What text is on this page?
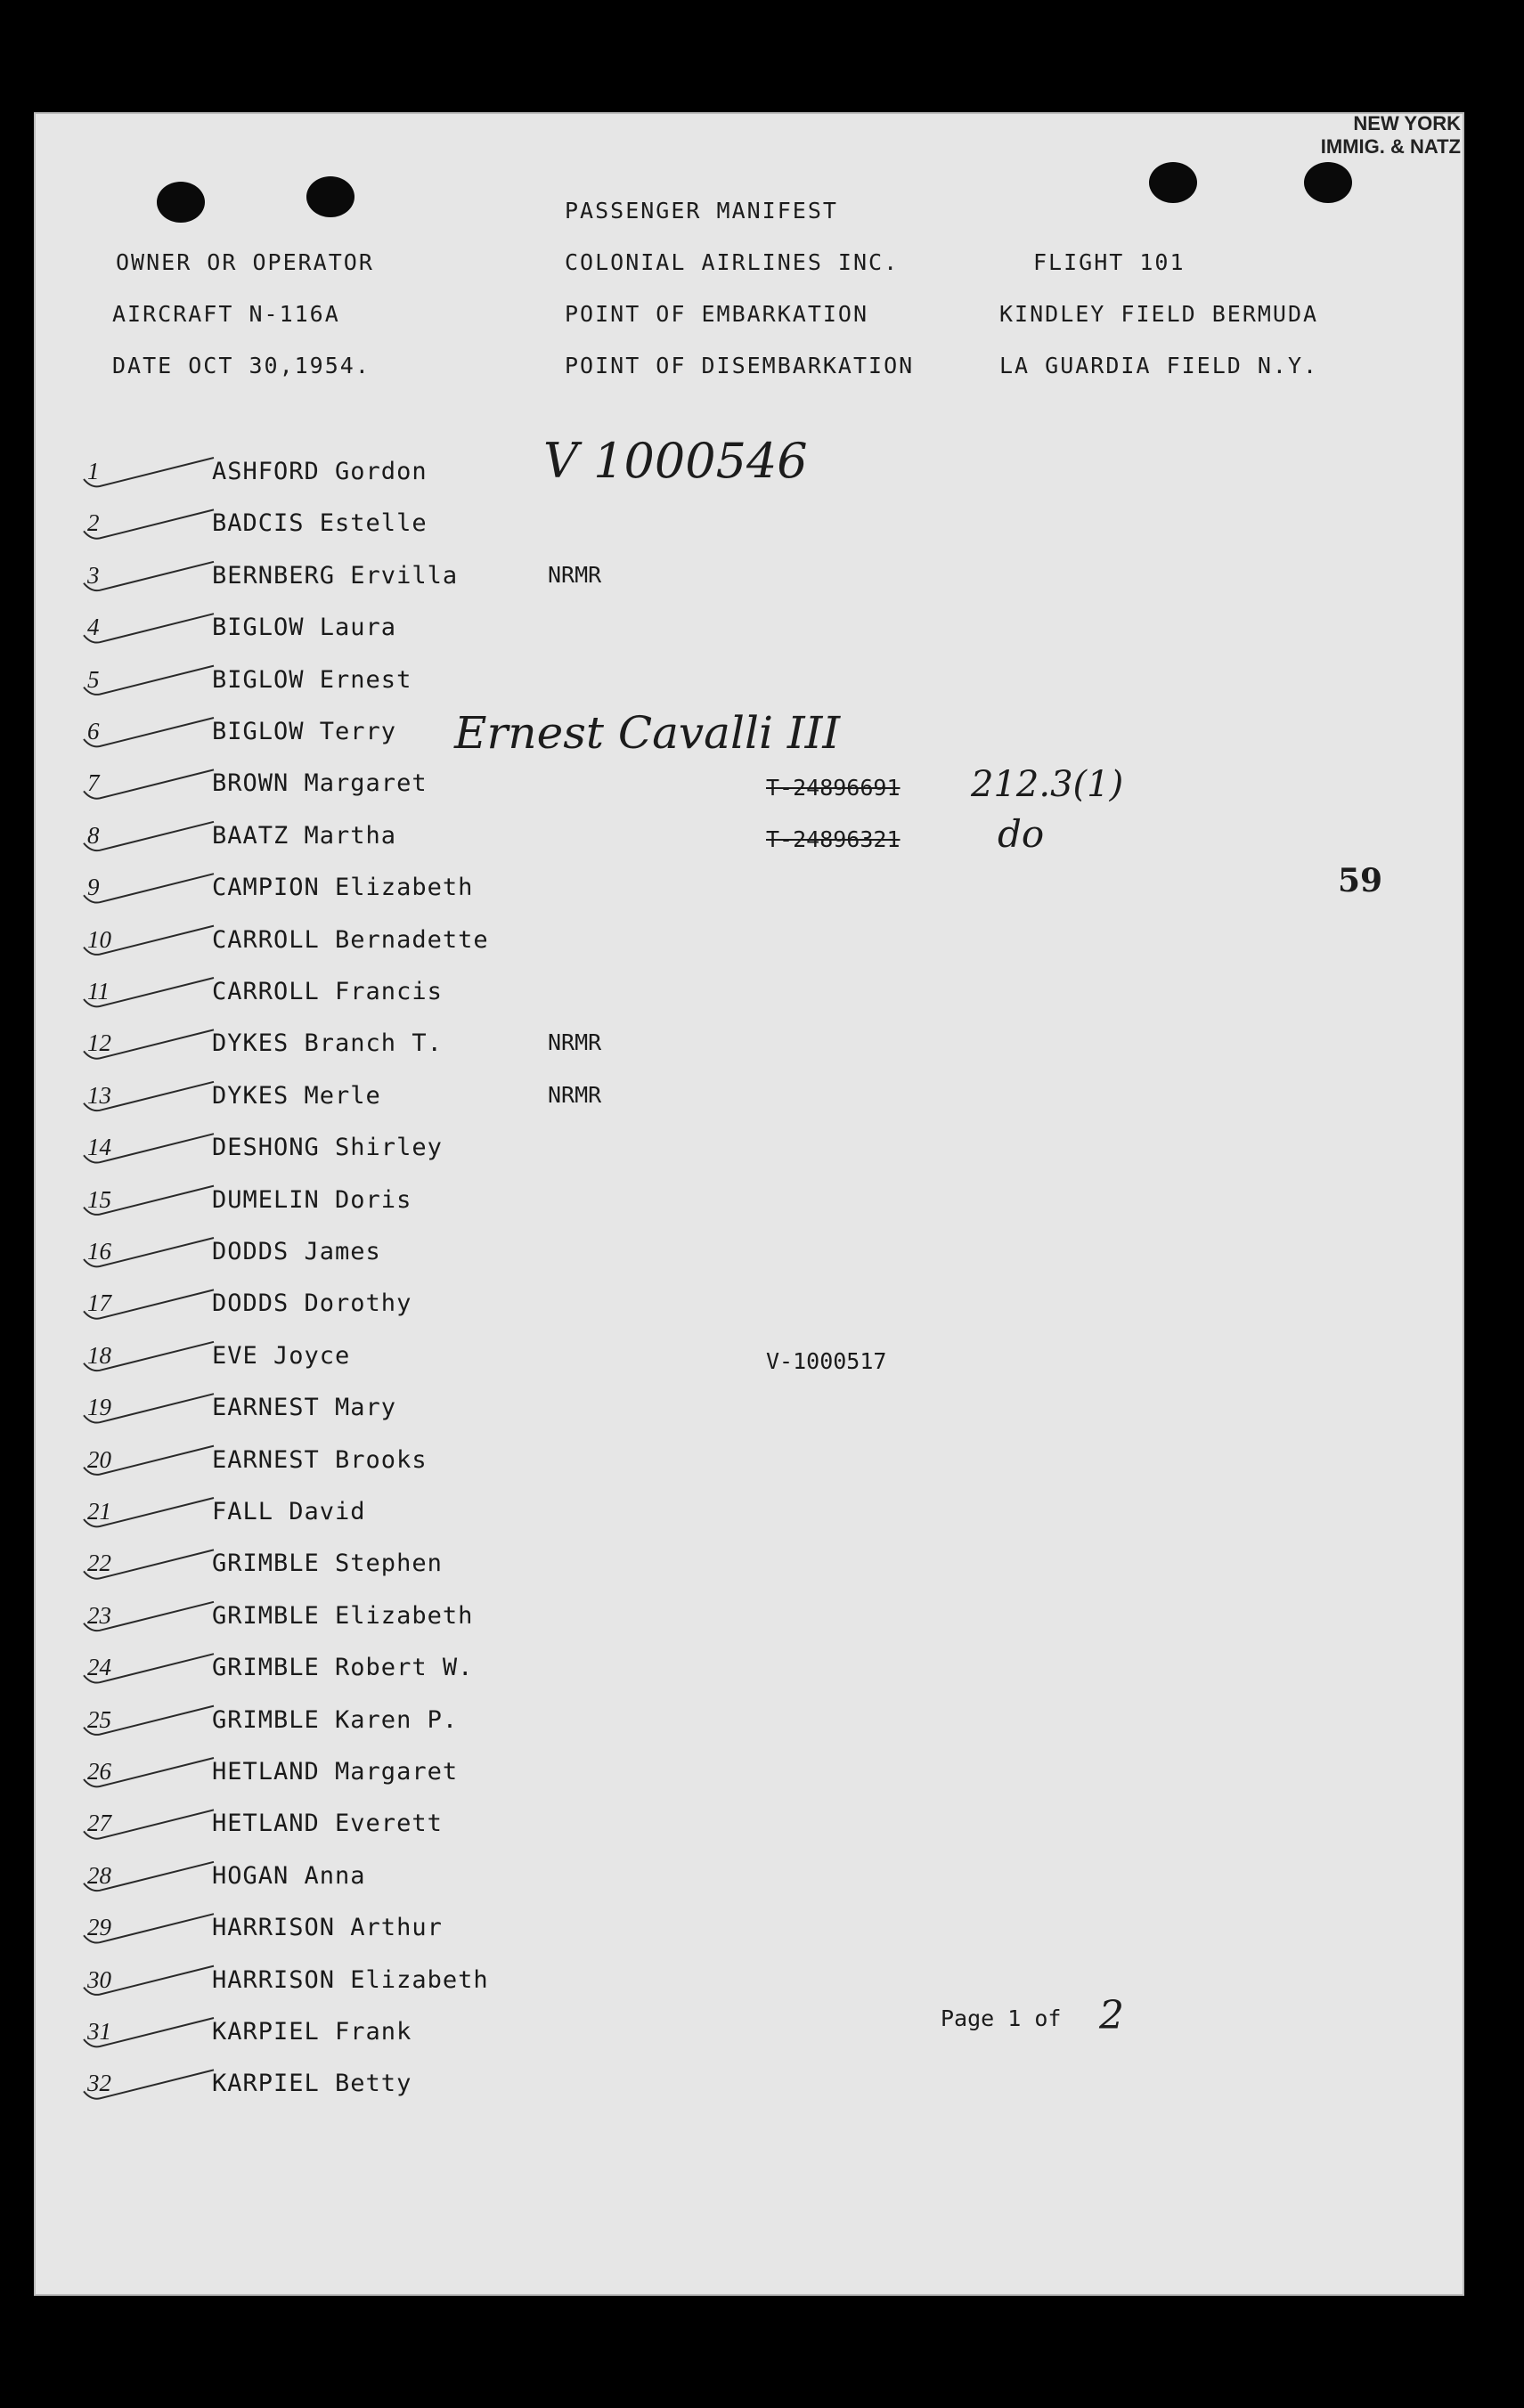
PASSENGER MANIFEST
OWNER OR OPERATOR	COLONIAL AIRLINES INC.	FLIGHT 101
AIRCRAFT N-116A	POINT OF EMBARKATION	KINDLEY FIELD BERMUDA
DATE OCT 30,1954.	POINT OF DISEMBARKATION	LA GUARDIA FIELD N.Y.
V 1000546
Ernest Cavalli III
T-24896691 212.3(1)
T-24896321	do
59
V-1000517
1	ASHFORD Gordon
2	BADCIS Estelle
3	BERNBERG Ervilla	NRMR
4	BIGLOW Laura
5	BIGLOW Ernest
6	BIGLOW Terry
7	BROWN Margaret
8	BAATZ Martha
9	CAMPION Elizabeth
10	CARROLL Bernadette
11	CARROLL Francis
12	DYKES Branch T.	NRMR
13	DYKES Merle	NRMR
14	DESHONG Shirley
15	DUMELIN Doris
16	DODDS James
17	DODDS Dorothy
18	EVE Joyce
19	EARNEST Mary
20	EARNEST Brooks
21	FALL David
22	GRIMBLE Stephen
23	GRIMBLE Elizabeth
24	GRIMBLE Robert W.
25	GRIMBLE Karen P.
26	HETLAND Margaret
27	HETLAND Everett
28	HOGAN Anna
29	HARRISON Arthur
30	HARRISON Elizabeth
31	KARPIEL Frank
32	KARPIEL Betty
Page 1 of 2
NEW YORK
IMMIG. & NATZ
